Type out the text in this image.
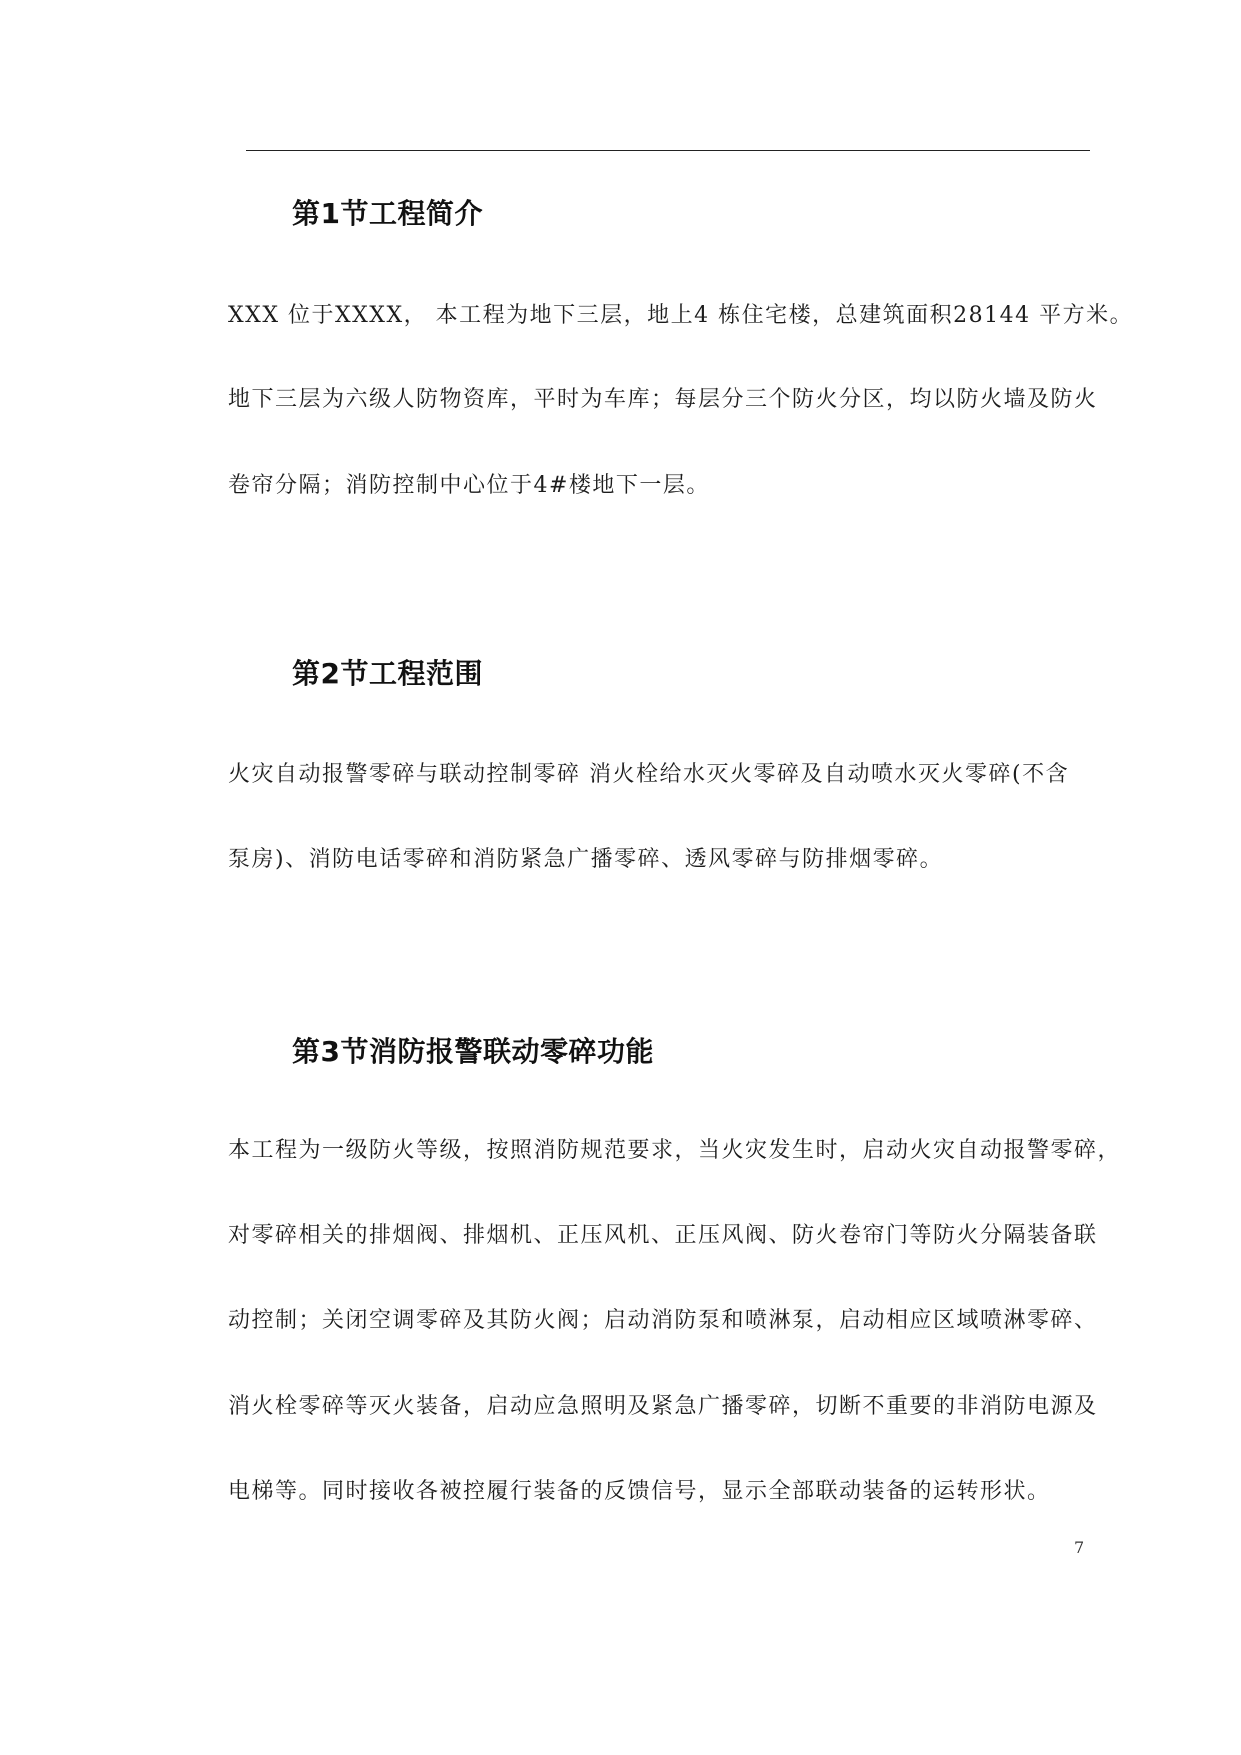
第1节工程简介

XXX 位于XXXX， 本工程为地下三层，地上4 栋住宅楼，总建筑面积28144 平方米。

地下三层为六级人防物资库，平时为车库；每层分三个防火分区，均以防火墙及防火

卷帘分隔；消防控制中心位于4#楼地下一层。

第2节工程范围

火灾自动报警零碎与联动控制零碎 消火栓给水灭火零碎及自动喷水灭火零碎(不含

泵房)、消防电话零碎和消防紧急广播零碎、透风零碎与防排烟零碎。

第3节消防报警联动零碎功能

本工程为一级防火等级，按照消防规范要求，当火灾发生时，启动火灾自动报警零碎，

对零碎相关的排烟阀、排烟机、正压风机、正压风阀、防火卷帘门等防火分隔装备联

动控制；关闭空调零碎及其防火阀；启动消防泵和喷淋泵，启动相应区域喷淋零碎、

消火栓零碎等灭火装备，启动应急照明及紧急广播零碎，切断不重要的非消防电源及

电梯等。同时接收各被控履行装备的反馈信号，显示全部联动装备的运转形状。

7
